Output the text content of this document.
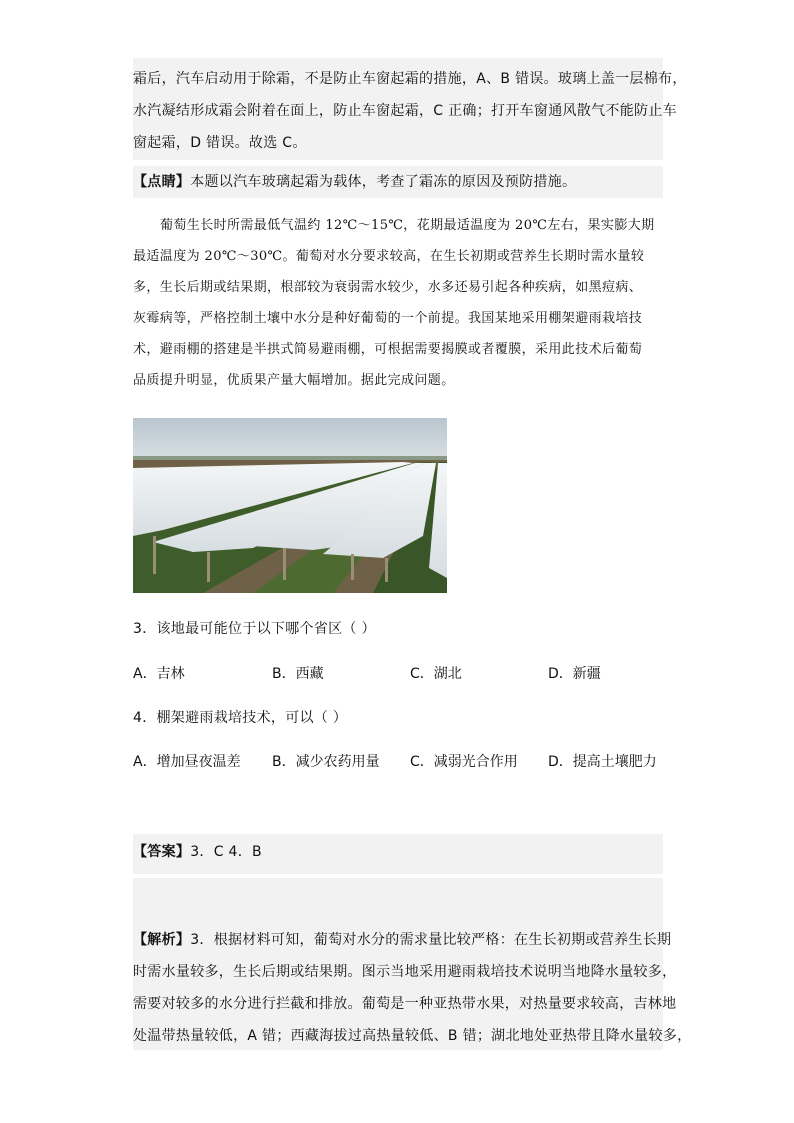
霜后，汽车启动用于除霜，不是防止车窗起霜的措施，A、B 错误。玻璃上盖一层棉布，
水汽凝结形成霜会附着在面上，防止车窗起霜，C 正确；打开车窗通风散气不能防止车
窗起霜，D 错误。故选 C。
【点睛】本题以汽车玻璃起霜为载体，考查了霜冻的原因及预防措施。
葡萄生长时所需最低气温约 12℃～15℃，花期最适温度为 20℃左右，果实膨大期
最适温度为 20℃～30℃。葡萄对水分要求较高，在生长初期或营养生长期时需水量较
多，生长后期或结果期，根部较为衰弱需水较少，水多还易引起各种疾病，如黑痘病、
灰霉病等，严格控制土壤中水分是种好葡萄的一个前提。我国某地采用棚架避雨栽培技
术，避雨棚的搭建是半拱式简易避雨棚，可根据需要揭膜或者覆膜，采用此技术后葡萄
品质提升明显，优质果产量大幅增加。据此完成问题。
3．该地最可能位于以下哪个省区（ ）
A．吉林	B．西藏	C．湖北	D．新疆
4．棚架避雨栽培技术，可以（ ）
A．增加昼夜温差 B．减少农药用量 C．减弱光合作用 D．提高土壤肥力
【答案】3．C 4．B
【解析】3．根据材料可知，葡萄对水分的需求量比较严格：在生长初期或营养生长期
时需水量较多，生长后期或结果期。图示当地采用避雨栽培技术说明当地降水量较多，
需要对较多的水分进行拦截和排放。葡萄是一种亚热带水果，对热量要求较高，吉林地
处温带热量较低，A 错；西藏海拔过高热量较低、B 错；湖北地处亚热带且降水量较多，
